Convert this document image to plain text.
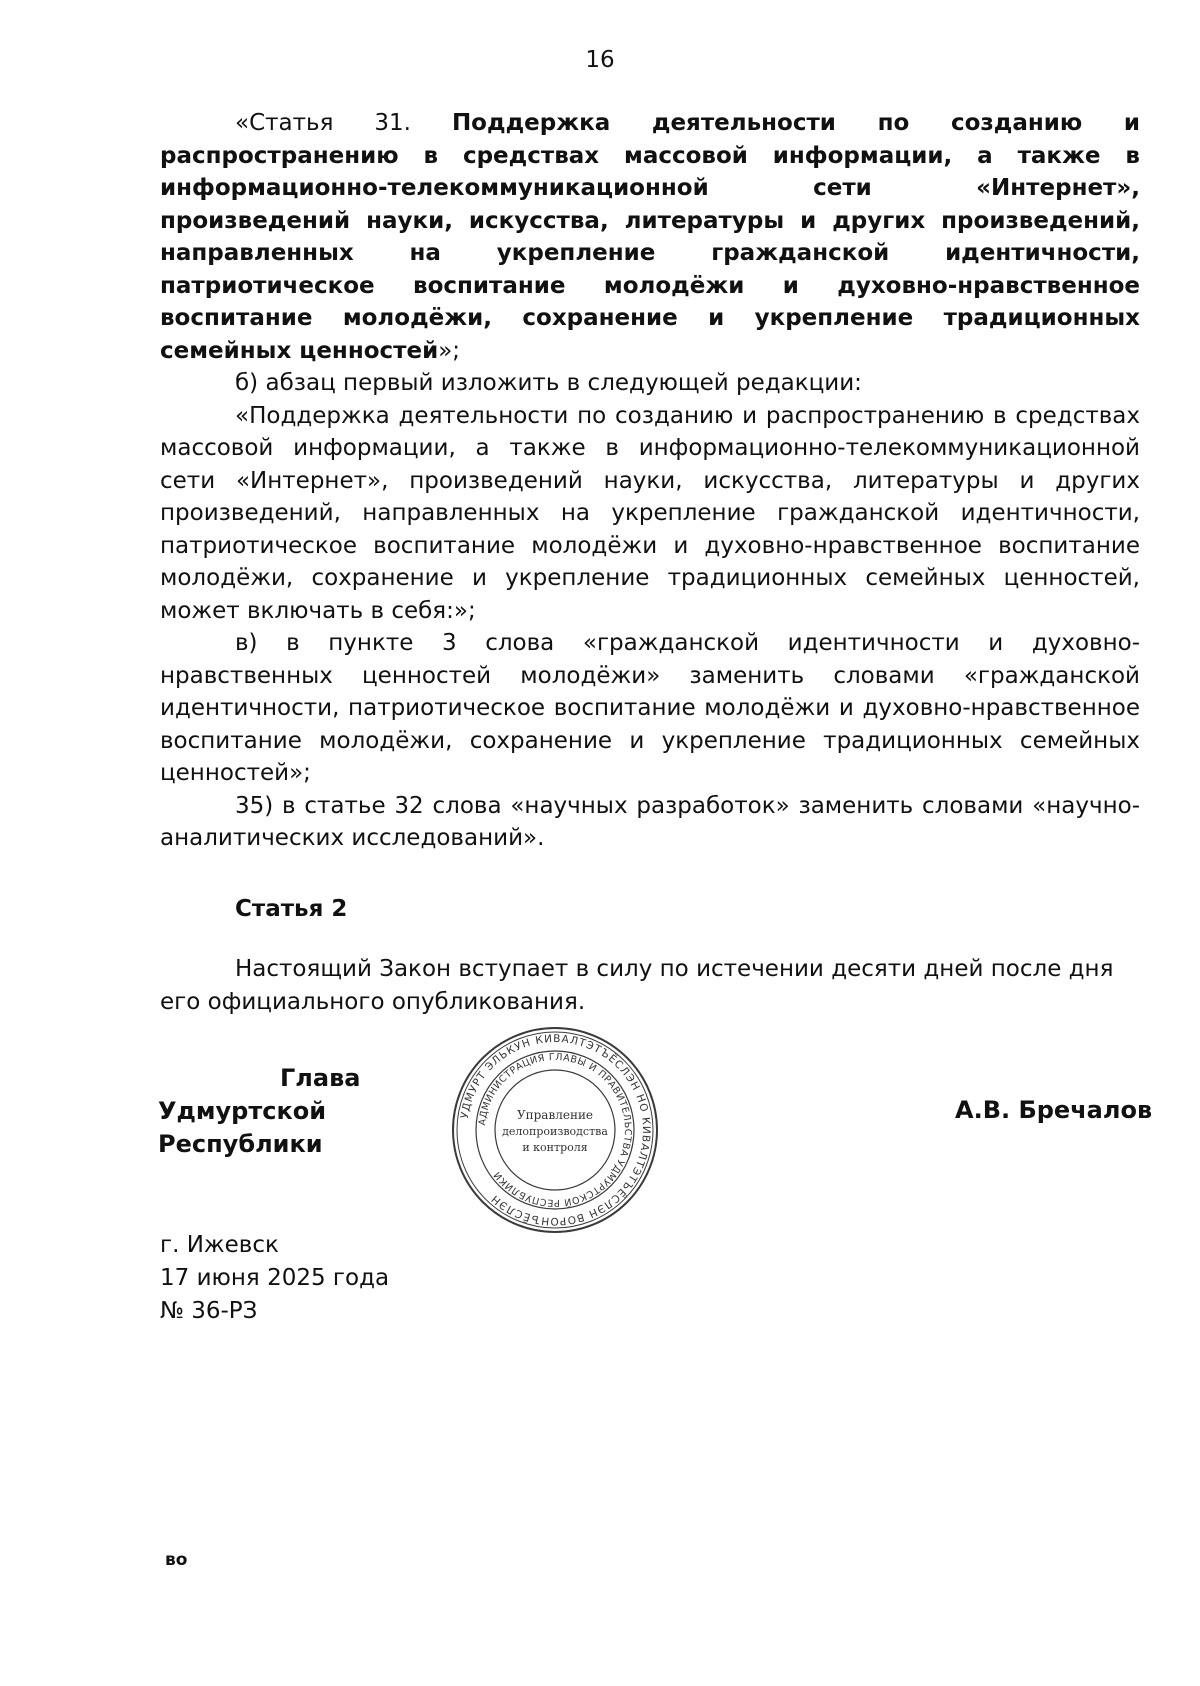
16

«Статья 31. Поддержка деятельности по созданию и распространению в средствах массовой информации, а также в информационно-телекоммуникационной сети «Интернет», произведений науки, искусства, литературы и других произведений, направленных на укрепление гражданской идентичности, патриотическое воспитание молодёжи и духовно-нравственное воспитание молодёжи, сохранение и укрепление традиционных семейных ценностей»;

б) абзац первый изложить в следующей редакции:

«Поддержка деятельности по созданию и распространению в средствах массовой информации, а также в информационно-телекоммуникационной сети «Интернет», произведений науки, искусства, литературы и других произведений, направленных на укрепление гражданской идентичности, патриотическое воспитание молодёжи и духовно-нравственное воспитание молодёжи, сохранение и укрепление традиционных семейных ценностей, может включать в себя:»;

в) в пункте 3 слова «гражданской идентичности и духовно-нравственных ценностей молодёжи» заменить словами «гражданской идентичности, патриотическое воспитание молодёжи и духовно-нравственное воспитание молодёжи, сохранение и укрепление традиционных семейных ценностей»;

35) в статье 32 слова «научных разработок» заменить словами «научно-аналитических исследований».

Статья 2

Настоящий Закон вступает в силу по истечении десяти дней после дня его официального опубликования.

Глава
Удмуртской Республики
УДМУРТ ЭЛЬКУН КИВАЛТЭТЪЁСЛЭН НО КИВАЛТЭТЪЁСЛЭН ВОРОНЪЁСЛЭН
АДМИНИСТРАЦИЯ ГЛАВЫ И ПРАВИТЕЛЬСТВА УДМУРТСКОЙ РЕСПУБЛИКИ
Управление
делопроизводства
и контроля
А.В. Бречалов
г. Ижевск
17 июня 2025 года
№ 36-РЗ
во
